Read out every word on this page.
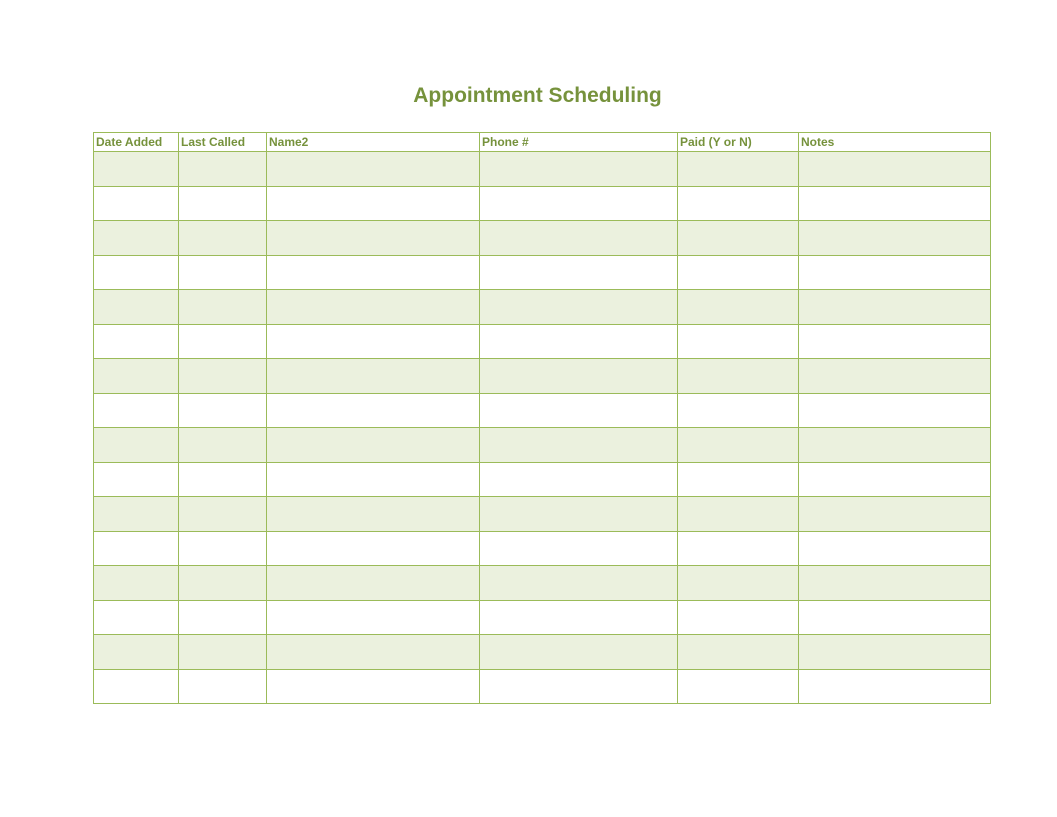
Appointment Scheduling
Date Added	Last Called	Name2	Phone #	Paid (Y or N)	Notes
